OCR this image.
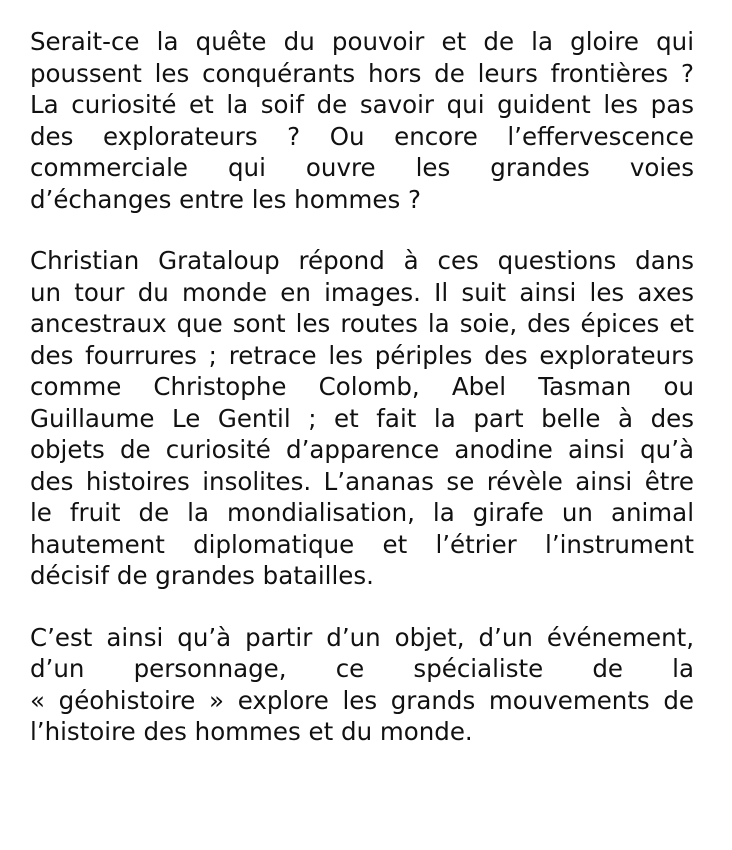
Serait-ce la quête du pouvoir et de la gloire qui
poussent les conquérants hors de leurs frontières ?
La curiosité et la soif de savoir qui guident les pas
des explorateurs ? Ou encore l’effervescence
commerciale qui ouvre les grandes voies
d’échanges entre les hommes ?
Christian Grataloup répond à ces questions dans
un tour du monde en images. Il suit ainsi les axes
ancestraux que sont les routes la soie, des épices et
des fourrures ; retrace les périples des explorateurs
comme Christophe Colomb, Abel Tasman ou
Guillaume Le Gentil ; et fait la part belle à des
objets de curiosité d’apparence anodine ainsi qu’à
des histoires insolites. L’ananas se révèle ainsi être
le fruit de la mondialisation, la girafe un animal
hautement diplomatique et l’étrier l’instrument
décisif de grandes batailles.
C’est ainsi qu’à partir d’un objet, d’un événement,
d’un personnage, ce spécialiste de la
« géohistoire » explore les grands mouvements de
l’histoire des hommes et du monde.
